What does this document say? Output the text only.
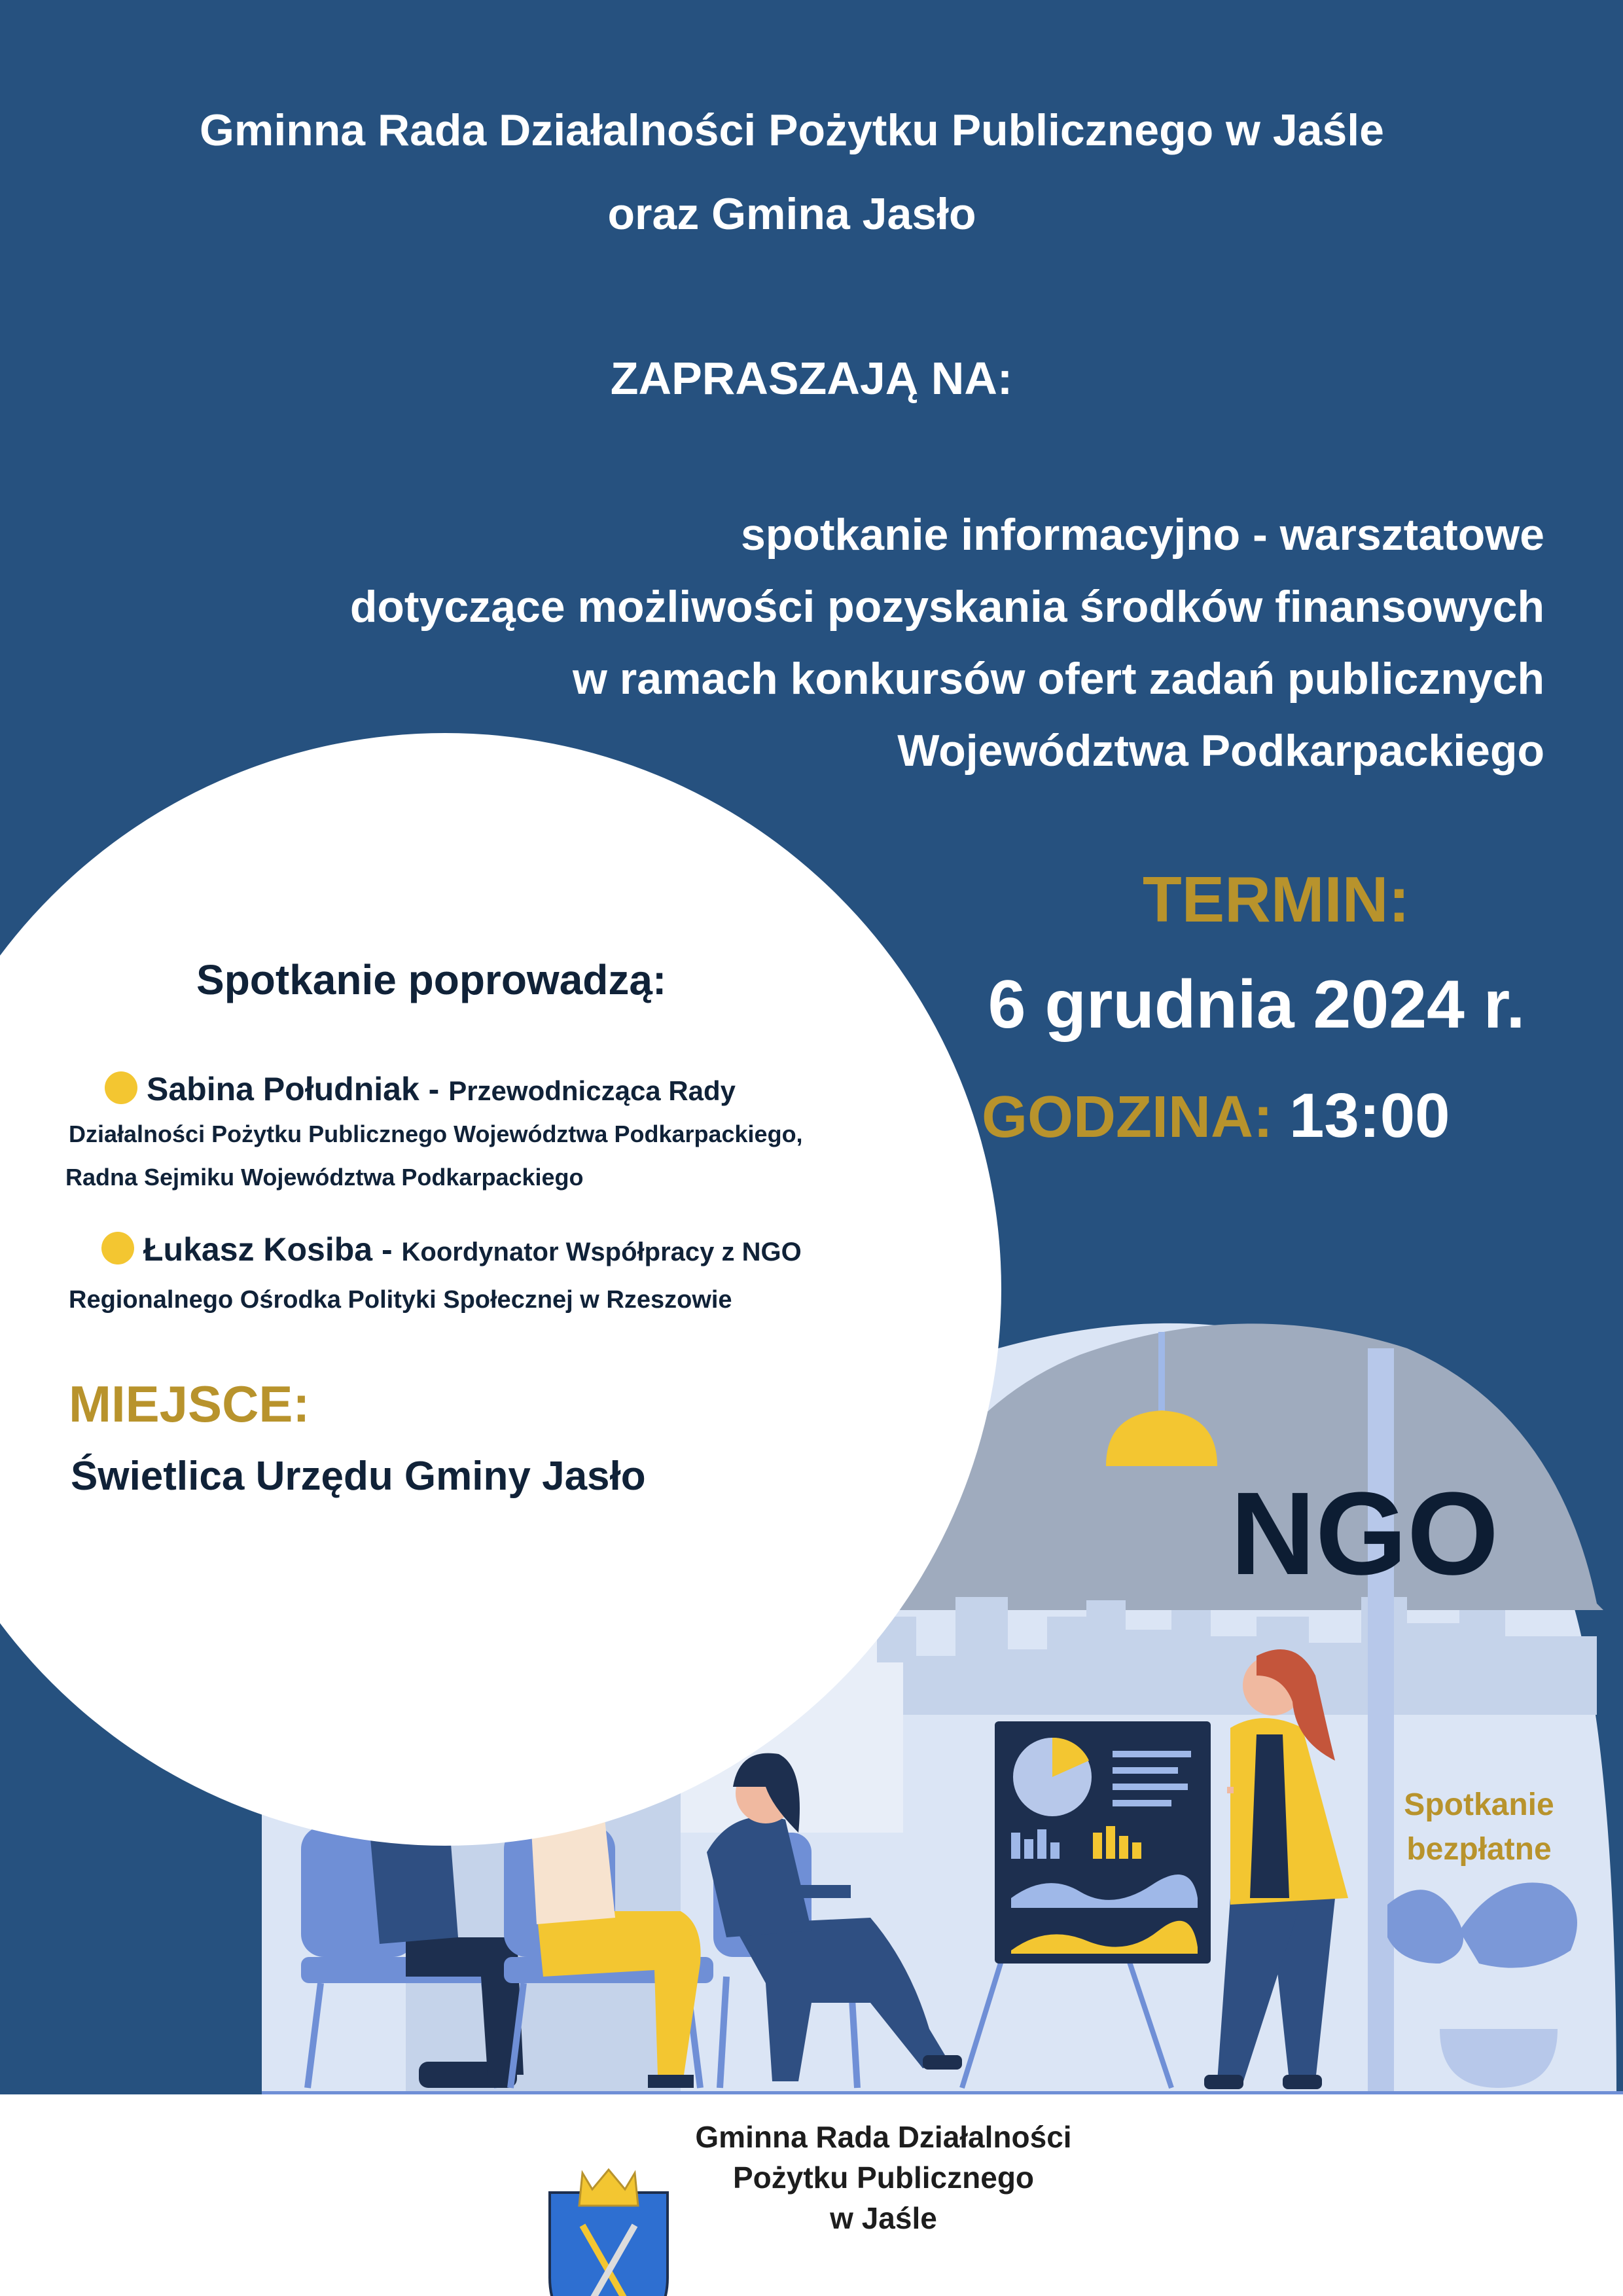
Gminna Rada Działalności Pożytku Publicznego w Jaśle
oraz Gmina Jasło
ZAPRASZAJĄ NA:
spotkanie informacyjno - warsztatowe
dotyczące możliwości pozyskania środków finansowych
w ramach konkursów ofert zadań publicznych
Województwa Podkarpackiego
TERMIN:
6 grudnia 2024 r.
GODZINA: 13:00
Spotkanie poprowadzą:
Sabina Południak - Przewodnicząca Rady
Działalności Pożytku Publicznego Województwa Podkarpackiego,
Radna Sejmiku Województwa Podkarpackiego
Łukasz Kosiba - Koordynator Współpracy z NGO
Regionalnego Ośrodka Polityki Społecznej w Rzeszowie
MIEJSCE:
Świetlica Urzędu Gminy Jasło	NGO
Spotkanie
bezpłatne
Gminna Rada Działalności
Pożytku Publicznego
w Jaśle
